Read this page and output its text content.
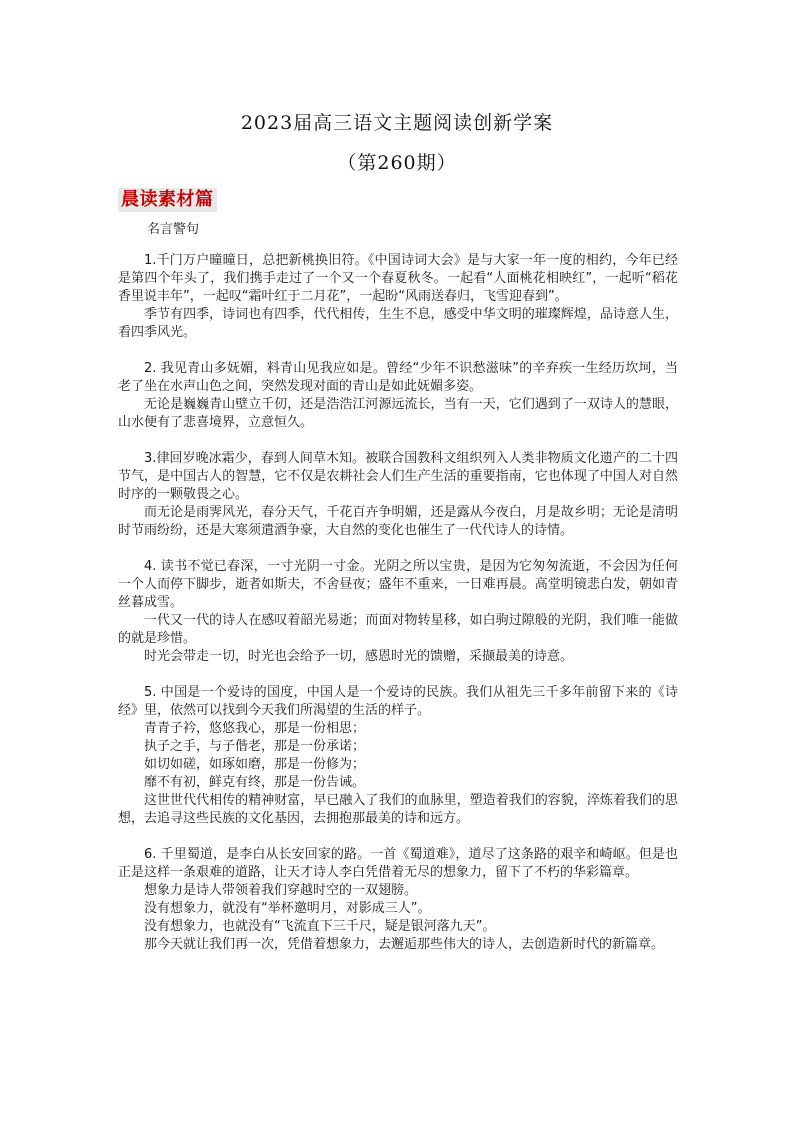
2023届高三语文主题阅读创新学案
（第260期）
晨读素材篇
名言警句

1.千门万户曈曈日，总把新桃换旧符。《中国诗词大会》是与大家一年一度的相约，今年已经是第四个年头了，我们携手走过了一个又一个春夏秋冬。一起看“人面桃花相映红”，一起听“稻花香里说丰年”，一起叹“霜叶红于二月花”，一起盼“风雨送春归，飞雪迎春到”。

季节有四季，诗词也有四季，代代相传，生生不息，感受中华文明的璀璨辉煌，品诗意人生，看四季风光。

2. 我见青山多妩媚，料青山见我应如是。曾经“少年不识愁滋味”的辛弃疾一生经历坎坷，当老了坐在水声山色之间，突然发现对面的青山是如此妩媚多姿。

无论是巍巍青山壁立千仞，还是浩浩江河源远流长，当有一天，它们遇到了一双诗人的慧眼，山水便有了悲喜境界，立意恒久。

3.律回岁晚冰霜少，春到人间草木知。被联合国教科文组织列入人类非物质文化遗产的二十四节气，是中国古人的智慧，它不仅是农耕社会人们生产生活的重要指南，它也体现了中国人对自然时序的一颗敬畏之心。

而无论是雨霁风光，春分天气，千花百卉争明媚，还是露从今夜白，月是故乡明；无论是清明时节雨纷纷，还是大寒须遣酒争豪，大自然的变化也催生了一代代诗人的诗情。

4. 读书不觉已春深，一寸光阴一寸金。光阴之所以宝贵，是因为它匆匆流逝，不会因为任何一个人而停下脚步，逝者如斯夫，不舍昼夜；盛年不重来，一日难再晨。高堂明镜悲白发，朝如青丝暮成雪。

一代又一代的诗人在感叹着韶光易逝；而面对物转星移，如白驹过隙般的光阴，我们唯一能做的就是珍惜。

时光会带走一切，时光也会给予一切，感恩时光的馈赠，采撷最美的诗意。

5. 中国是一个爱诗的国度，中国人是一个爱诗的民族。我们从祖先三千多年前留下来的《诗经》里，依然可以找到今天我们所渴望的生活的样子。

青青子衿，悠悠我心，那是一份相思；

执子之手，与子偕老，那是一份承诺；

如切如磋，如琢如磨，那是一份修为；

靡不有初，鲜克有终，那是一份告诫。

这世世代代相传的精神财富，早已融入了我们的血脉里，塑造着我们的容貌，淬炼着我们的思想，去追寻这些民族的文化基因，去拥抱那最美的诗和远方。

6. 千里蜀道，是李白从长安回家的路。一首《蜀道难》，道尽了这条路的艰辛和崎岖。但是也正是这样一条艰难的道路，让天才诗人李白凭借着无尽的想象力，留下了不朽的华彩篇章。

想象力是诗人带领着我们穿越时空的一双翅膀。

没有想象力，就没有“举杯邀明月，对影成三人”。

没有想象力，也就没有“飞流直下三千尺，疑是银河落九天”。

那今天就让我们再一次，凭借着想象力，去邂逅那些伟大的诗人，去创造新时代的新篇章。
